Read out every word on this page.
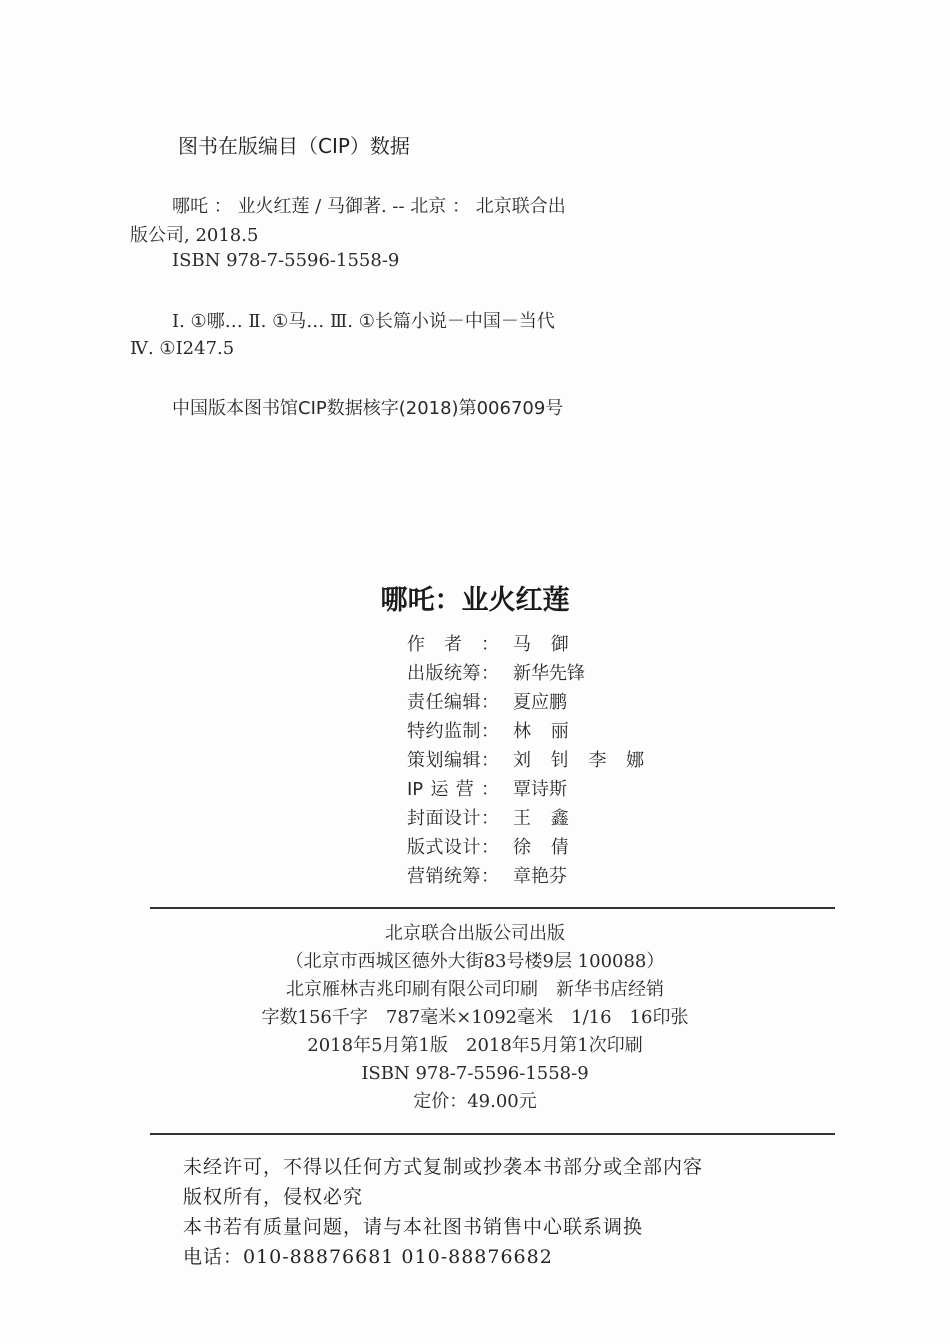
图书在版编目（CIP）数据
哪吒 ： 业火红莲 / 马御著. -- 北京 ： 北京联合出
版公司, 2018.5
ISBN 978-7-5596-1558-9
Ⅰ. ①哪… Ⅱ. ①马… Ⅲ. ①长篇小说－中国－当代
Ⅳ. ①I247.5
中国版本图书馆CIP数据核字(2018)第006709号
哪吒：业火红莲
作者： 马 御
出版统筹： 新华先锋
责任编辑： 夏应鹏
特约监制： 林 丽
策划编辑： 刘 钊 李 娜
IP运营： 覃诗斯
封面设计： 王 鑫
版式设计： 徐 倩
营销统筹： 章艳芬
北京联合出版公司出版
（北京市西城区德外大街83号楼9层 100088）
北京雁林吉兆印刷有限公司印刷　新华书店经销
字数156千字　787毫米×1092毫米　1/16　16印张
2018年5月第1版　2018年5月第1次印刷
ISBN 978-7-5596-1558-9
定价：49.00元
未经许可，不得以任何方式复制或抄袭本书部分或全部内容
版权所有，侵权必究
本书若有质量问题，请与本社图书销售中心联系调换
电话：010-88876681 010-88876682
